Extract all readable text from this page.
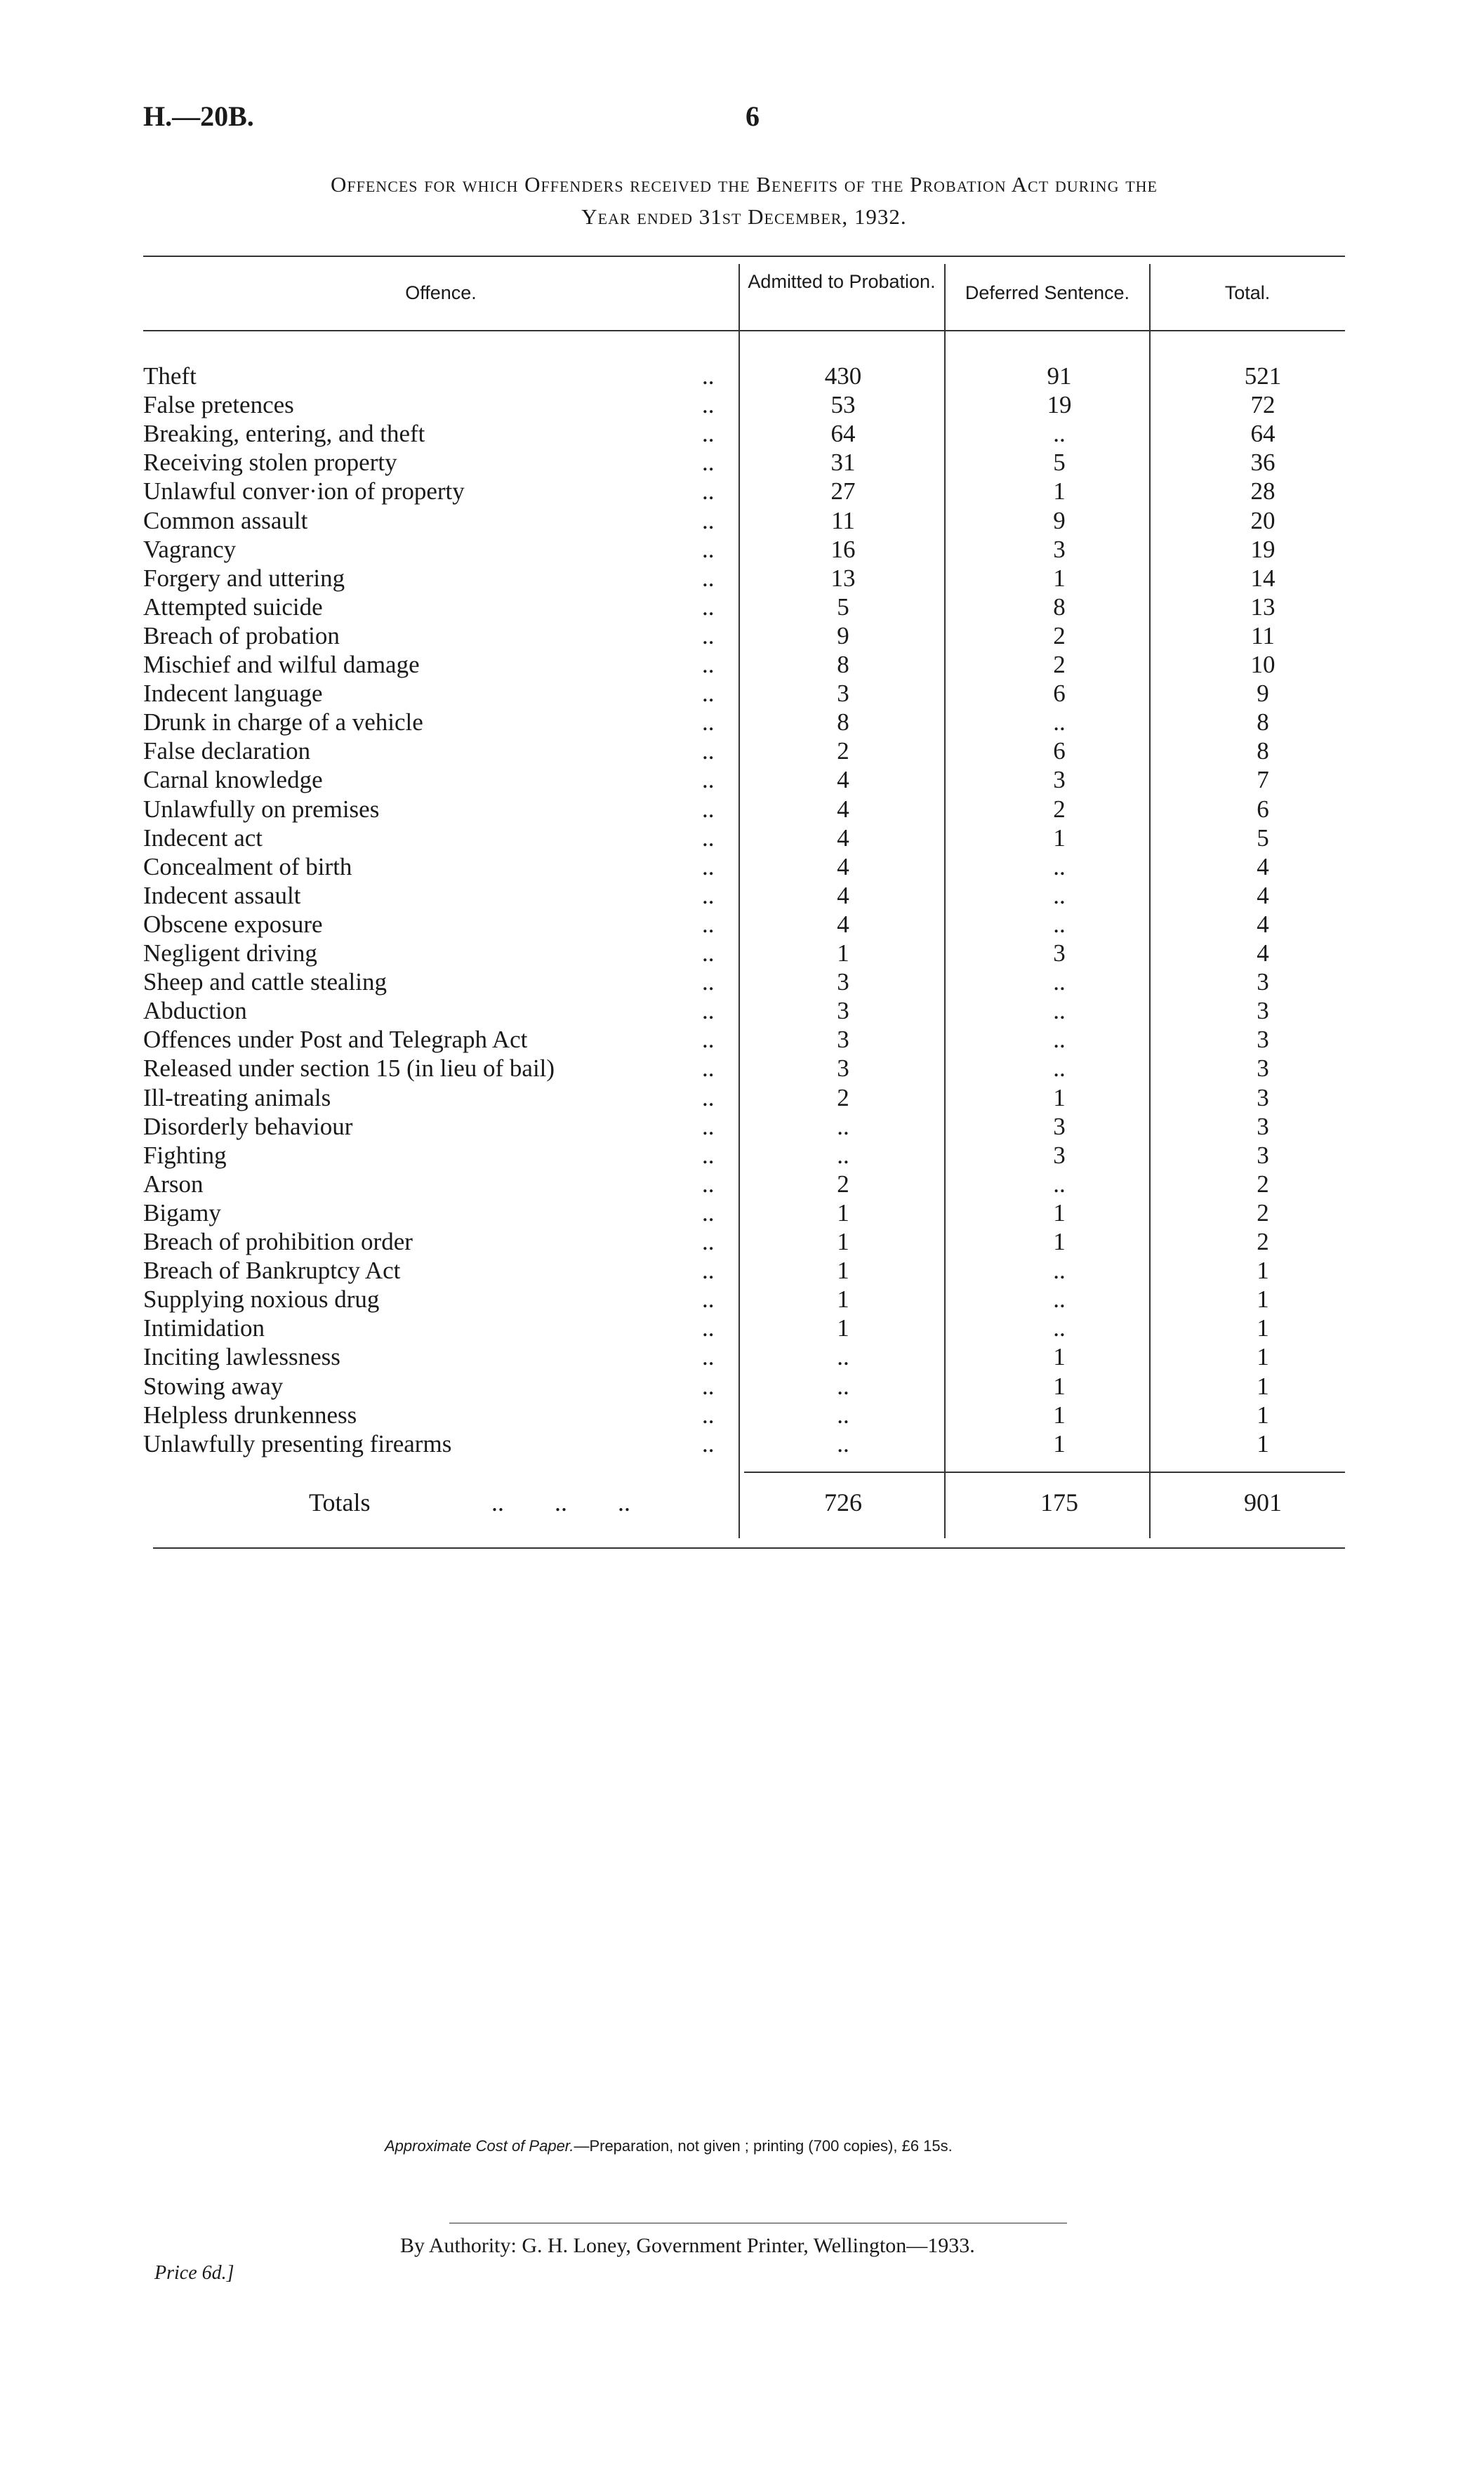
H.—20B.	6
Offences for which Offenders received the Benefits of the Probation Act during the
Year ended 31st December, 1932.
Offence.
Admitted to Probation.
Deferred Sentence.	Total.
Theft	..	430	91	521
False pretences	..	53	19	72
Breaking, entering, and theft	..	64	..	64
Receiving stolen property	..	31	5	36
Unlawful conver·ion of property	..	27	1	28
Common assault	..	11	9	20
Vagrancy	..	16	3	19
Forgery and uttering	..	13	1	14
Attempted suicide	..	5	8	13
Breach of probation	..	9	2	11
Mischief and wilful damage	..	8	2	10
Indecent language	..	3	6	9
Drunk in charge of a vehicle	..	8	..	8
False declaration	..	2	6	8
Carnal knowledge	..	4	3	7
Unlawfully on premises	..	4	2	6
Indecent act	..	4	1	5
Concealment of birth	..	4	..	4
Indecent assault	..	4	..	4
Obscene exposure	..	4	..	4
Negligent driving	..	1	3	4
Sheep and cattle stealing	..	3	..	3
Abduction	..	3	..	3
Offences under Post and Telegraph Act	..	3	..	3
Released under section 15 (in lieu of bail)	..	3	..	3
Ill-treating animals	..	2	1	3
Disorderly behaviour	..	..	3	3
Fighting	..	..	3	3
Arson	..	2	..	2
Bigamy	..	1	1	2
Breach of prohibition order	..	1	1	2
Breach of Bankruptcy Act	..	1	..	1
Supplying noxious drug	..	1	..	1
Intimidation	..	1	..	1
Inciting lawlessness	..	..	1	1
Stowing away	..	..	1	1
Helpless drunkenness	..	..	1	1
Unlawfully presenting firearms	..	..	1	1
Totals	..        ..        ..	726	175	901
Approximate Cost of Paper.—Preparation, not given ; printing (700 copies), £6 15s.
By Authority: G. H. Loney, Government Printer, Wellington—1933.
Price 6d.]
